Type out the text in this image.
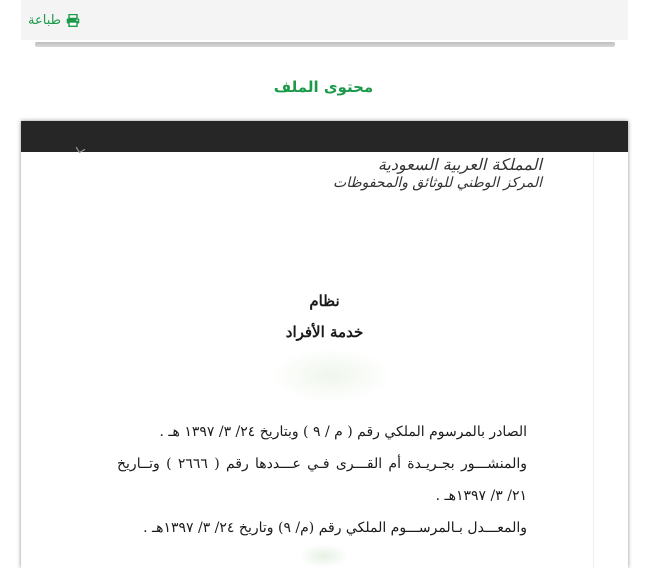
طباعة
محتوى الملف
المملكة العربية السعودية
المركز الوطني للوثائق والمحفوظات
نظام
خدمة الأفراد

الصادر بالمرسوم الملكي رقم ( م / ٩ ) وبتاريخ ٢٤/ ٣/ ١٣٩٧ هـ .

والمنشـــور بجـريـدة أم القـــرى فـي عـــددها رقم ( ٢٦٦٦ ) وتــاريخ

٢١/ ٣/ ١٣٩٧هـ .

والمعـــدل بـالمرســـوم الملكي رقم (م/ ٩) وتاريخ ٢٤/ ٣/ ١٣٩٧هـ .
